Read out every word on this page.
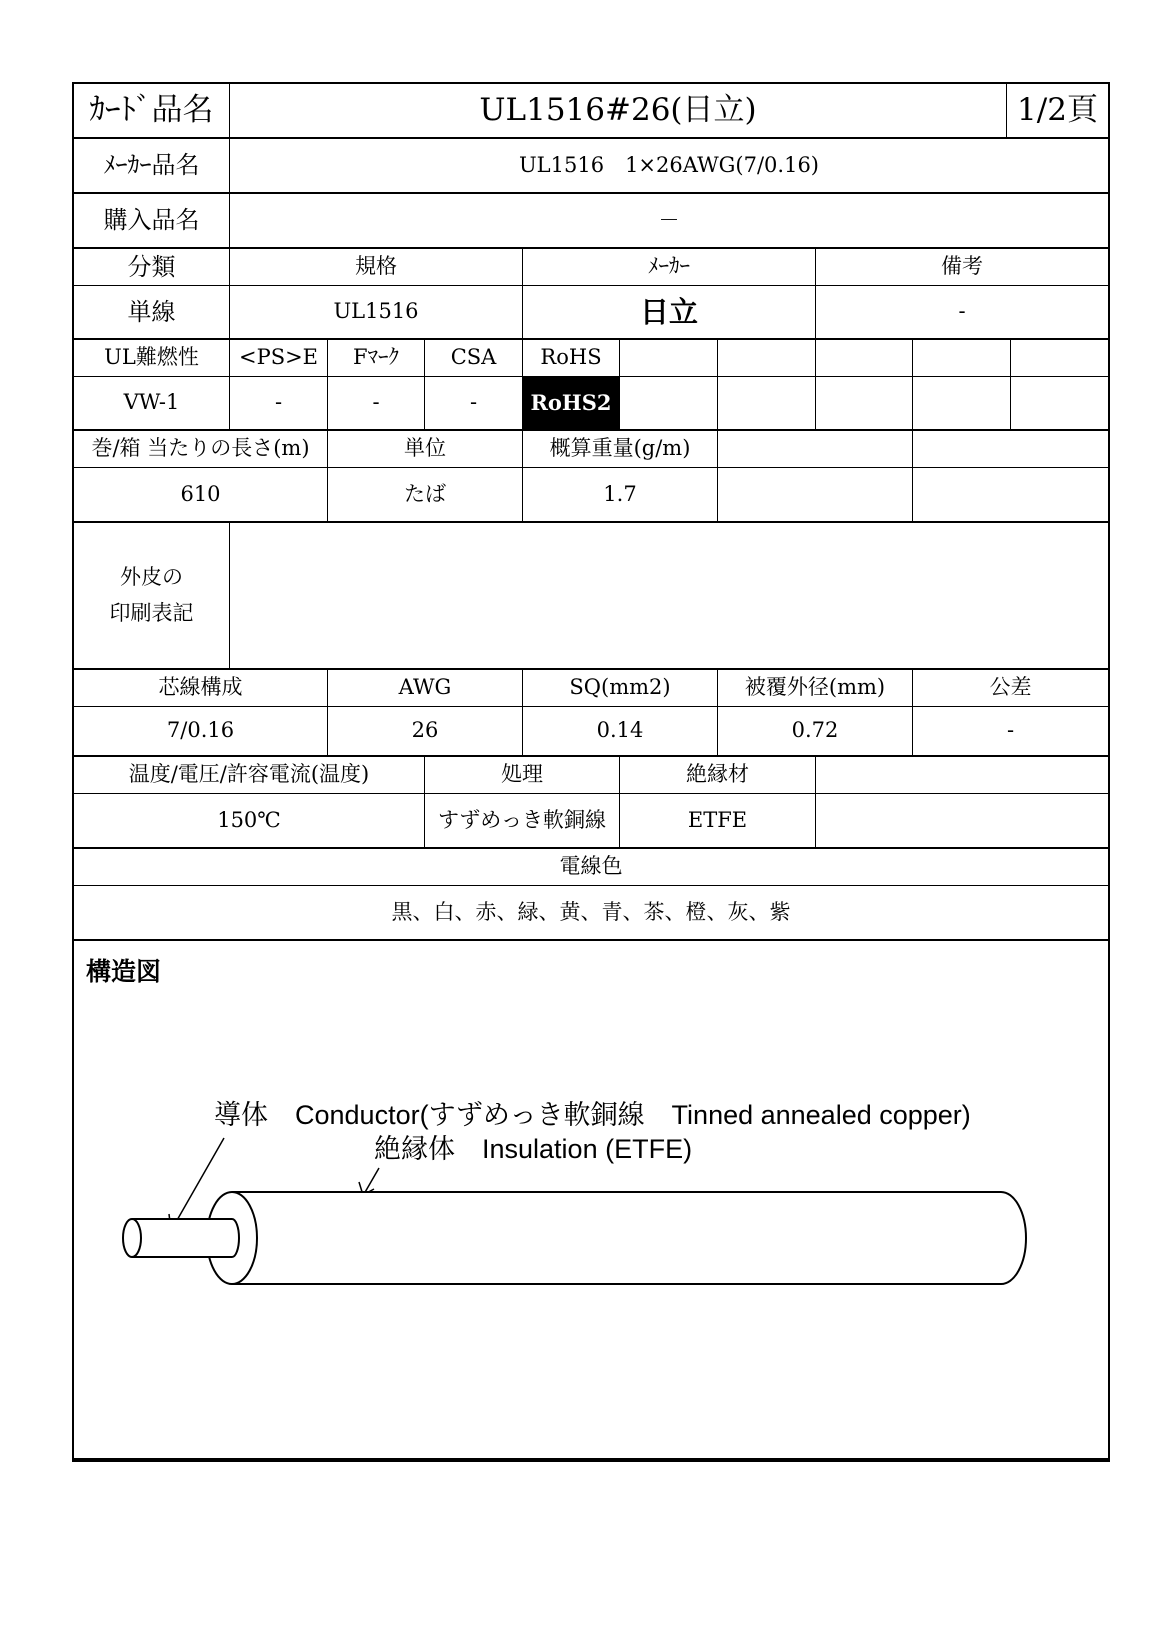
ｶｰﾄﾞ品名	UL1516#26(日立)	1/2頁
ﾒｰｶｰ品名	UL1516　1×26AWG(7/0.16)
購入品名	－
分類	規格	ﾒｰｶｰ	備考
単線	UL1516	日立	-
UL難燃性	<PS>E	Fﾏｰｸ	CSA	RoHS
VW-1	-	-	-	RoHS2
巻/箱 当たりの長さ(m)	単位	概算重量(g/m)
610	たば	1.7
外皮の
印刷表記
芯線構成	AWG	SQ(mm2)	被覆外径(mm)	公差
7/0.16	26	0.14	0.72	-
温度/電圧/許容電流(温度)	処理	絶縁材
150℃	すずめっき軟銅線	ETFE
電線色
黒、白、赤、緑、黄、青、茶、橙、灰、紫
構造図
導体　Conductor(すずめっき軟銅線　Tinned annealed copper)
絶縁体　Insulation (ETFE)
